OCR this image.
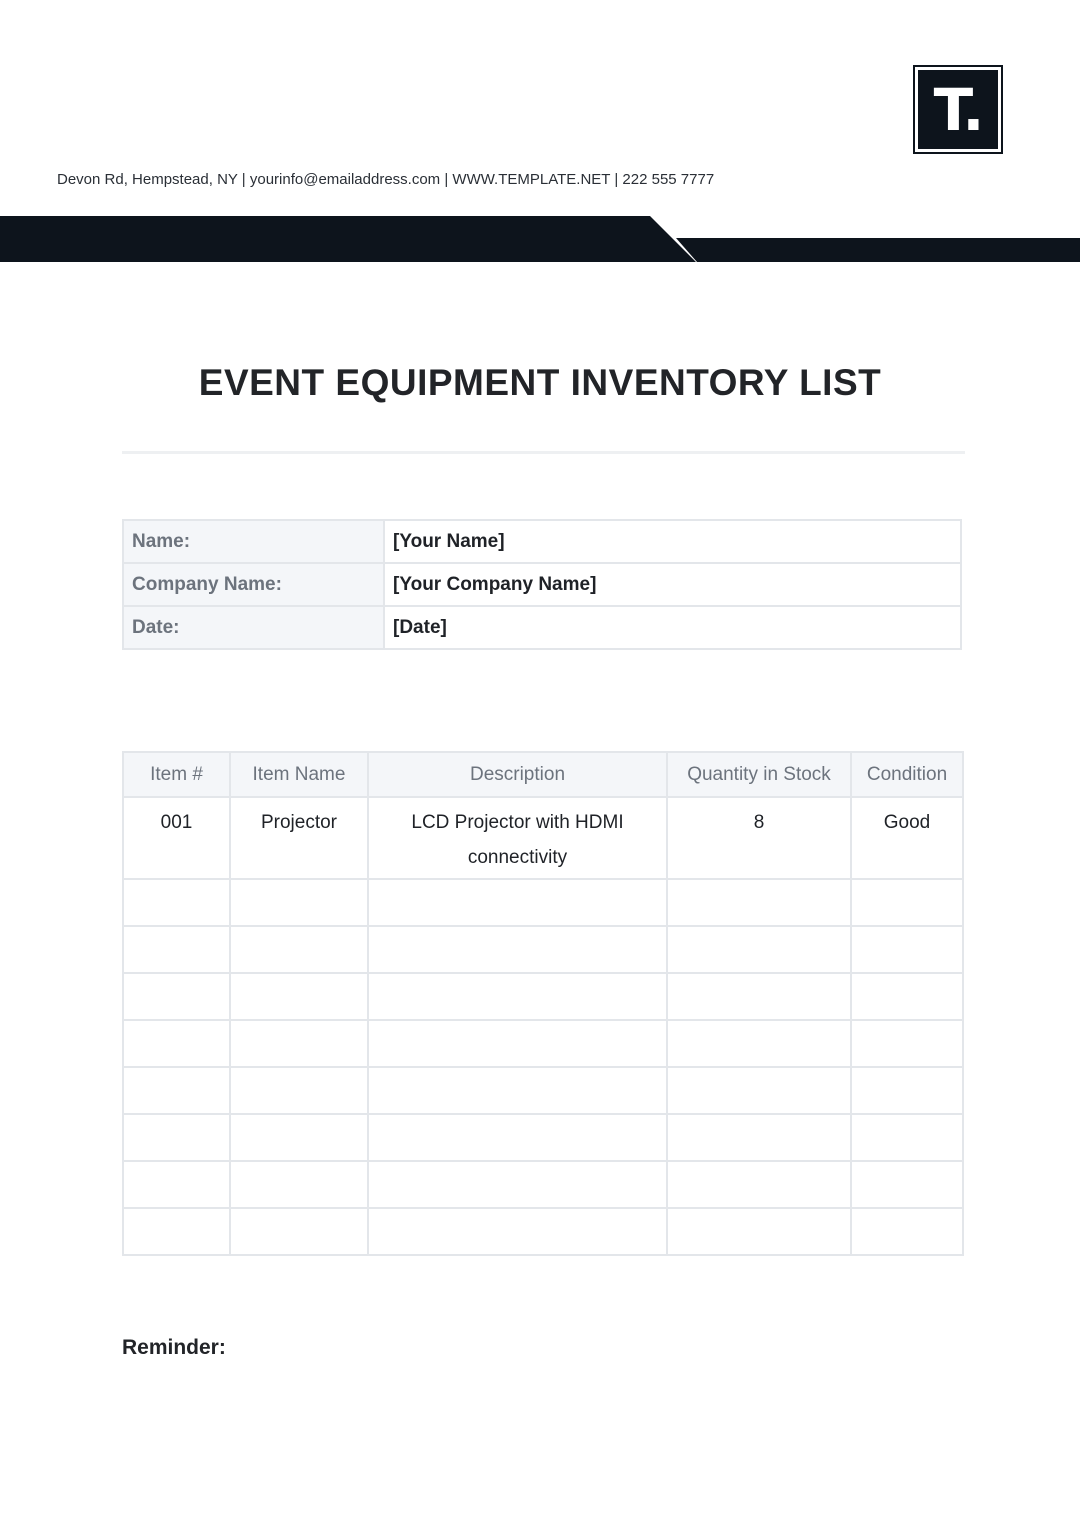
T.
Devon Rd, Hempstead, NY | yourinfo@emailaddress.com | WWW.TEMPLATE.NET | 222 555 7777
EVENT EQUIPMENT INVENTORY LIST
Name:	[Your Name]
Company Name:	[Your Company Name]
Date:	[Date]
Item #	Item Name	Description	Quantity in Stock	Condition
001	Projector	LCD Projector with HDMI connectivity	8	Good

Reminder:
